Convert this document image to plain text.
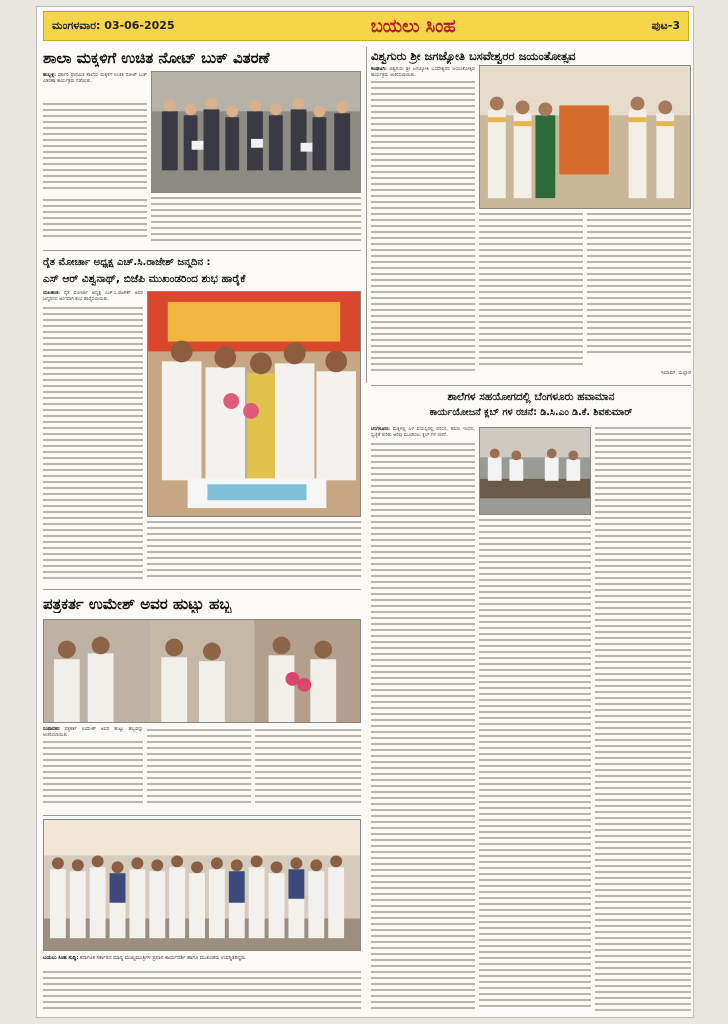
ಮಂಗಳವಾರ: 03-06-2025	ಬಯಲು ಸಿಂಹ	ಪುಟ-3
ಶಾಲಾ ಮಕ್ಕಳಿಗೆ ಉಚಿತ ನೋಟ್ ಬುಕ್ ವಿತರಣೆ
ಹುಬ್ಬಳ್ಳಿ: ಸರ್ಕಾರಿ ಪ್ರಾಥಮಿಕ ಶಾಲೆಯ ಮಕ್ಕಳಿಗೆ ಉಚಿತ ನೋಟ್ ಬುಕ್ ವಿತರಣಾ ಕಾರ್ಯಕ್ರಮ ನಡೆಯಿತು.
ವಿಶ್ವಗುರು ಶ್ರೀ ಜಗಜ್ಯೋತಿ ಬಸವೇಶ್ವರರ ಜಯಂತೋತ್ಸವ
ಕಲಘಟಗಿ: ವಿಶ್ವಗುರು ಶ್ರೀ ಜಗಜ್ಯೋತಿ ಬಸವೇಶ್ವರರ ಜಯಂತೋತ್ಸವ ಕಾರ್ಯಕ್ರಮ ಆಚರಿಸಲಾಯಿತು.
ಇಮಾಮ್, ಮಲ್ಲಾಡ
ರೈತ ಮೋರ್ಚಾ ಅಧ್ಯಕ್ಷ ಎಚ್.ಸಿ.ರಾಜೇಶ್ ಜನ್ಮದಿನ :
ಎಸ್ ಆರ್ ವಿಶ್ವನಾಥ್, ಬಿಜೆಪಿ ಮುಖಂಡರಿಂದ ಶುಭ ಹಾರೈಕೆ
ಯಲಹಂಕ: ರೈತ ಮೋರ್ಚಾ ಅಧ್ಯಕ್ಷ ಎಚ್.ಸಿ.ರಾಜೇಶ್ ಅವರ ಜನ್ಮದಿನದ ಅಂಗವಾಗಿ ಶುಭ ಹಾರೈಸಲಾಯಿತು.
ಶಾಲೆಗಳ ಸಹಯೋಗದಲ್ಲಿ ಬೆಂಗಳೂರು ಹವಾಮಾನ
ಕಾರ್ಯಯೋಜನೆ ಕ್ಲಬ್ ಗಳ ರಚನೆ: ಡಿ.ಸಿ.ಎಂ ಡಿ.ಕೆ. ಶಿವಕುಮಾರ್
ಬೆಂಗಳೂರು: ಮಕ್ಕಳಲ್ಲಿ ಎಳೆ ವಯಸ್ಸಿನಲ್ಲಿ ಪರಿಸರ, ಹಸಿರು ಇಂಧನ, ಸ್ವಚ್ಛತೆ ಕುರಿತು ಅರಿವು ಮೂಡಿಸಲು ಕ್ಲಬ್ ಗಳ ರಚನೆ.
ಪತ್ರಕರ್ತ ಉಮೇಶ್ ಅವರ ಹುಟ್ಟು ಹಬ್ಬ
ಸಂಪಾದಕರ ಪತ್ರಕರ್ತ ಉಮೇಶ್ ಅವರ ಹುಟ್ಟು ಹಬ್ಬವನ್ನು ಆಚರಿಸಲಾಯಿತು.
ಬಯಲು ಸಿಂಹ ಸುದ್ದಿ: ಕರ್ನಾಟಕ ಸರ್ಕಾರದ ಮಾನ್ಯ ಮುಖ್ಯಮಂತ್ರಿಗಳ ಪ್ರಧಾನ ಕಾರ್ಯದರ್ಶಿ ಹಾಗೂ ಮುಖಂಡರು ಉಪಸ್ಥಿತರಿದ್ದರು.
